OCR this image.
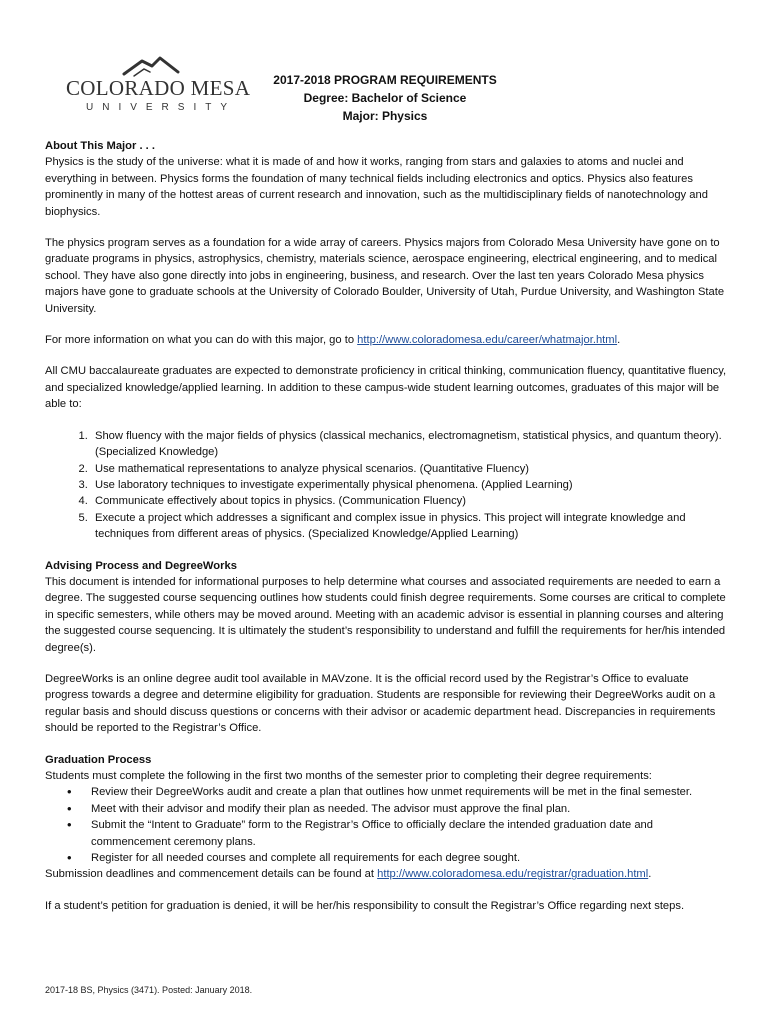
COLORADO MESA
UNIVERSITY
2017-2018 PROGRAM REQUIREMENTS
Degree: Bachelor of Science
Major: Physics
About This Major . . .

Physics is the study of the universe: what it is made of and how it works, ranging from stars and galaxies to atoms and nuclei and everything in between. Physics forms the foundation of many technical fields including electronics and optics. Physics also features prominently in many of the hottest areas of current research and innovation, such as the multidisciplinary fields of nanotechnology and biophysics.

The physics program serves as a foundation for a wide array of careers. Physics majors from Colorado Mesa University have gone on to graduate programs in physics, astrophysics, chemistry, materials science, aerospace engineering, electrical engineering, and to medical school. They have also gone directly into jobs in engineering, business, and research. Over the last ten years Colorado Mesa physics majors have gone to graduate schools at the University of Colorado Boulder, University of Utah, Purdue University, and Washington State University.

For more information on what you can do with this major, go to http://www.coloradomesa.edu/career/whatmajor.html.

All CMU baccalaureate graduates are expected to demonstrate proficiency in critical thinking, communication fluency, quantitative fluency, and specialized knowledge/applied learning. In addition to these campus-wide student learning outcomes, graduates of this major will be able to:

1. Show fluency with the major fields of physics (classical mechanics, electromagnetism, statistical physics, and quantum theory). (Specialized Knowledge)
2. Use mathematical representations to analyze physical scenarios. (Quantitative Fluency)
3. Use laboratory techniques to investigate experimentally physical phenomena. (Applied Learning)
4. Communicate effectively about topics in physics. (Communication Fluency)
5. Execute a project which addresses a significant and complex issue in physics. This project will integrate knowledge and techniques from different areas of physics. (Specialized Knowledge/Applied Learning)
Advising Process and DegreeWorks

This document is intended for informational purposes to help determine what courses and associated requirements are needed to earn a degree. The suggested course sequencing outlines how students could finish degree requirements. Some courses are critical to complete in specific semesters, while others may be moved around. Meeting with an academic advisor is essential in planning courses and altering the suggested course sequencing. It is ultimately the student’s responsibility to understand and fulfill the requirements for her/his intended degree(s).

DegreeWorks is an online degree audit tool available in MAVzone. It is the official record used by the Registrar’s Office to evaluate progress towards a degree and determine eligibility for graduation. Students are responsible for reviewing their DegreeWorks audit on a regular basis and should discuss questions or concerns with their advisor or academic department head. Discrepancies in requirements should be reported to the Registrar’s Office.

Graduation Process
Students must complete the following in the first two months of the semester prior to completing their degree requirements:
• Review their DegreeWorks audit and create a plan that outlines how unmet requirements will be met in the final semester.
• Meet with their advisor and modify their plan as needed. The advisor must approve the final plan.
• Submit the “Intent to Graduate” form to the Registrar’s Office to officially declare the intended graduation date and commencement ceremony plans.
• Register for all needed courses and complete all requirements for each degree sought.

Submission deadlines and commencement details can be found at http://www.coloradomesa.edu/registrar/graduation.html.

If a student’s petition for graduation is denied, it will be her/his responsibility to consult the Registrar’s Office regarding next steps.

2017-18 BS, Physics (3471). Posted: January 2018.
